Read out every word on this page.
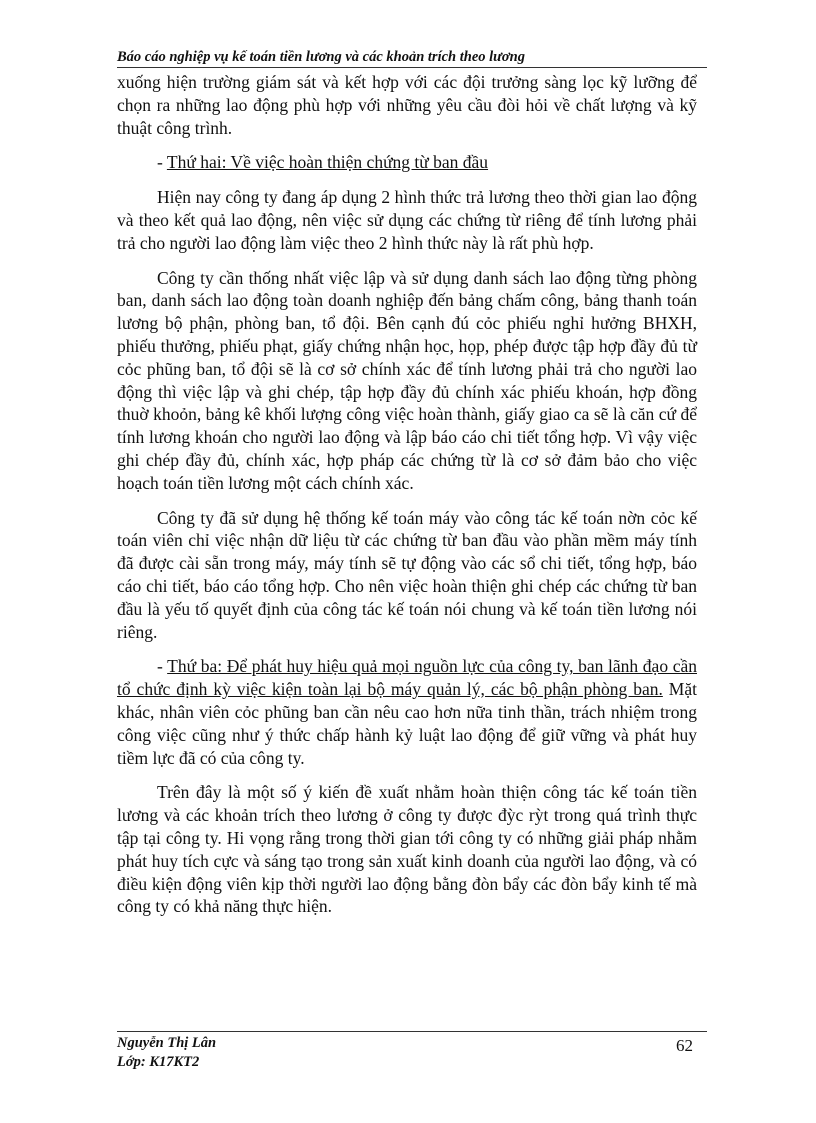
Báo cáo nghiệp vụ kế toán tiền lương và các khoản trích theo lương

xuống hiện trường giám sát và kết hợp với các đội trưởng sàng lọc kỹ lưỡng để chọn ra những lao động phù hợp với những yêu cầu đòi hỏi về chất lượng và kỹ thuật công trình.

- Thứ hai: Về việc hoàn thiện chứng từ ban đầu

Hiện nay công ty đang áp dụng 2 hình thức trả lương theo thời gian lao động và theo kết quả lao động, nên việc sử dụng các chứng từ riêng để tính lương phải trả cho người lao động làm việc theo 2 hình thức này là rất phù hợp.

Công ty cần thống nhất việc lập và sử dụng danh sách lao động từng phòng ban, danh sách lao động toàn doanh nghiệp đến bảng chấm công, bảng thanh toán lương bộ phận, phòng ban, tổ đội. Bên cạnh đú cỏc phiếu nghỉ hưởng BHXH, phiếu thưởng, phiếu phạt, giấy chứng nhận học, họp, phép được tập hợp đầy đủ từ cỏc phũng ban, tổ đội sẽ là cơ sở chính xác để tính lương phải trả cho người lao động thì việc lập và ghi chép, tập hợp đầy đủ chính xác phiếu khoán, hợp đồng thuờ khoỏn, bảng kê khối lượng công việc hoàn thành, giấy giao ca sẽ là căn cứ để tính lương khoán cho người lao động và lập báo cáo chi tiết tổng hợp. Vì vậy việc ghi chép đầy đủ, chính xác, hợp pháp các chứng từ là cơ sở đảm bảo cho việc hoạch toán tiền lương một cách chính xác.

Công ty đã sử dụng hệ thống kế toán máy vào công tác kế toán nờn cỏc kế toán viên chỉ việc nhận dữ liệu từ các chứng từ ban đầu vào phần mềm máy tính đã được cài sẵn trong máy, máy tính sẽ tự động vào các sổ chi tiết, tổng hợp, báo cáo chi tiết, báo cáo tổng hợp. Cho nên việc hoàn thiện ghi chép các chứng từ ban đầu là yếu tố quyết định của công tác kế toán nói chung và kế toán tiền lương nói riêng.

- Thứ ba: Để phát huy hiệu quả mọi nguồn lực của công ty, ban lãnh đạo cần tổ chức định kỳ việc kiện toàn lại bộ máy quản lý, các bộ phận phòng ban. Mặt khác, nhân viên cỏc phũng ban cần nêu cao hơn nữa tinh thần, trách nhiệm trong công việc cũng như ý thức chấp hành kỷ luật lao động để giữ vững và phát huy tiềm lực đã có của công ty.

Trên đây là một số ý kiến đề xuất nhằm hoàn thiện công tác kế toán tiền lương và các khoản trích theo lương ở công ty được đỳc rỳt trong quá trình thực tập tại công ty. Hi vọng rằng trong thời gian tới công ty có những giải pháp nhằm phát huy tích cực và sáng tạo trong sản xuất kinh doanh của người lao động, và có điều kiện động viên kịp thời người lao động bằng đòn bẩy các đòn bẩy kinh tế mà công ty có khả năng thực hiện.

Nguyễn Thị Lân
Lớp: K17KT2
62
